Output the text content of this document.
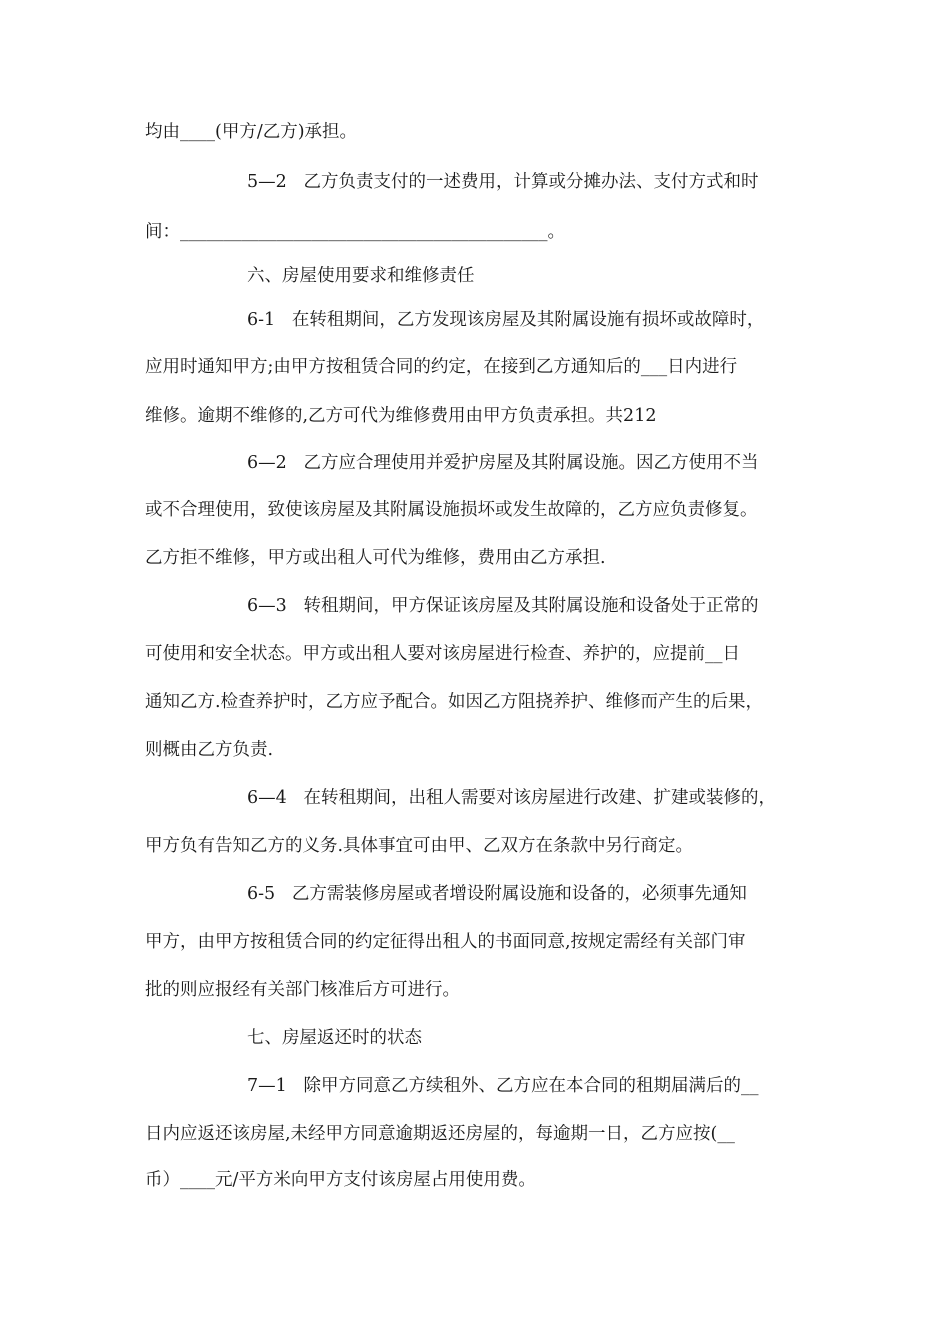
均由____(甲方/乙方)承担。
5—2   乙方负责支付的一述费用，计算或分摊办法、支付方式和时
间：__________________________________________。
六、房屋使用要求和维修责任
6-1   在转租期间，乙方发现该房屋及其附属设施有损坏或故障时，
应用时通知甲方;由甲方按租赁合同的约定，在接到乙方通知后的___日内进行
维修。逾期不维修的,乙方可代为维修费用由甲方负责承担。共212
6—2   乙方应合理使用并爱护房屋及其附属设施。因乙方使用不当
或不合理使用，致使该房屋及其附属设施损坏或发生故障的，乙方应负责修复。
乙方拒不维修，甲方或出租人可代为维修，费用由乙方承担.
6—3   转租期间，甲方保证该房屋及其附属设施和设备处于正常的
可使用和安全状态。甲方或出租人要对该房屋进行检查、养护的，应提前__日
通知乙方.检查养护时，乙方应予配合。如因乙方阻挠养护、维修而产生的后果，
则概由乙方负责.
6—4   在转租期间，出租人需要对该房屋进行改建、扩建或装修的，
甲方负有告知乙方的义务.具体事宜可由甲、乙双方在条款中另行商定。
6-5   乙方需装修房屋或者增设附属设施和设备的，必须事先通知
甲方，由甲方按租赁合同的约定征得出租人的书面同意,按规定需经有关部门审
批的则应报经有关部门核准后方可进行。
七、房屋返还时的状态
7—1   除甲方同意乙方续租外、乙方应在本合同的租期届满后的__
日内应返还该房屋,未经甲方同意逾期返还房屋的，每逾期一日，乙方应按(__
币）____元/平方米向甲方支付该房屋占用使用费。
